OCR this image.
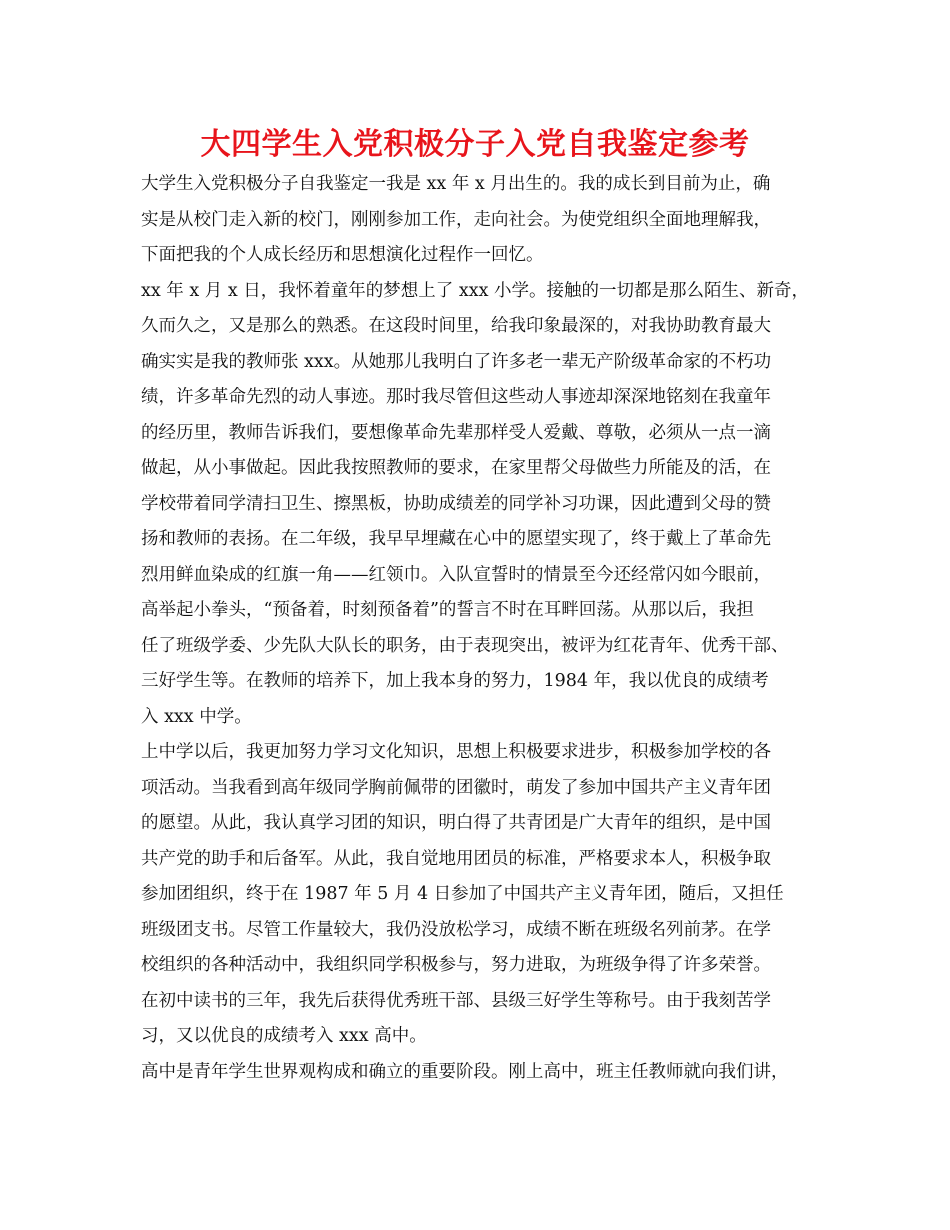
大四学生入党积极分子入党自我鉴定参考
大学生入党积极分子自我鉴定一我是 xx 年 x 月出生的。我的成长到目前为止，确
实是从校门走入新的校门，刚刚参加工作，走向社会。为使党组织全面地理解我，
下面把我的个人成长经历和思想演化过程作一回忆。
xx 年 x 月 x 日，我怀着童年的梦想上了 xxx 小学。接触的一切都是那么陌生、新奇，
久而久之，又是那么的熟悉。在这段时间里，给我印象最深的，对我协助教育最大
确实实是我的教师张 xxx。从她那儿我明白了许多老一辈无产阶级革命家的不朽功
绩，许多革命先烈的动人事迹。那时我尽管但这些动人事迹却深深地铭刻在我童年
的经历里，教师告诉我们，要想像革命先辈那样受人爱戴、尊敬，必须从一点一滴
做起，从小事做起。因此我按照教师的要求，在家里帮父母做些力所能及的活，在
学校带着同学清扫卫生、擦黑板，协助成绩差的同学补习功课，因此遭到父母的赞
扬和教师的表扬。在二年级，我早早埋藏在心中的愿望实现了，终于戴上了革命先
烈用鲜血染成的红旗一角——红领巾。入队宣誓时的情景至今还经常闪如今眼前，
高举起小拳头，“预备着，时刻预备着”的誓言不时在耳畔回荡。从那以后，我担
任了班级学委、少先队大队长的职务，由于表现突出，被评为红花青年、优秀干部、
三好学生等。在教师的培养下，加上我本身的努力，1984 年，我以优良的成绩考
入 xxx 中学。
上中学以后，我更加努力学习文化知识，思想上积极要求进步，积极参加学校的各
项活动。当我看到高年级同学胸前佩带的团徽时，萌发了参加中国共产主义青年团
的愿望。从此，我认真学习团的知识，明白得了共青团是广大青年的组织，是中国
共产党的助手和后备军。从此，我自觉地用团员的标准，严格要求本人，积极争取
参加团组织，终于在 1987 年 5 月 4 日参加了中国共产主义青年团，随后，又担任
班级团支书。尽管工作量较大，我仍没放松学习，成绩不断在班级名列前茅。在学
校组织的各种活动中，我组织同学积极参与，努力进取，为班级争得了许多荣誉。
在初中读书的三年，我先后获得优秀班干部、县级三好学生等称号。由于我刻苦学
习，又以优良的成绩考入 xxx 高中。
高中是青年学生世界观构成和确立的重要阶段。刚上高中，班主任教师就向我们讲，
